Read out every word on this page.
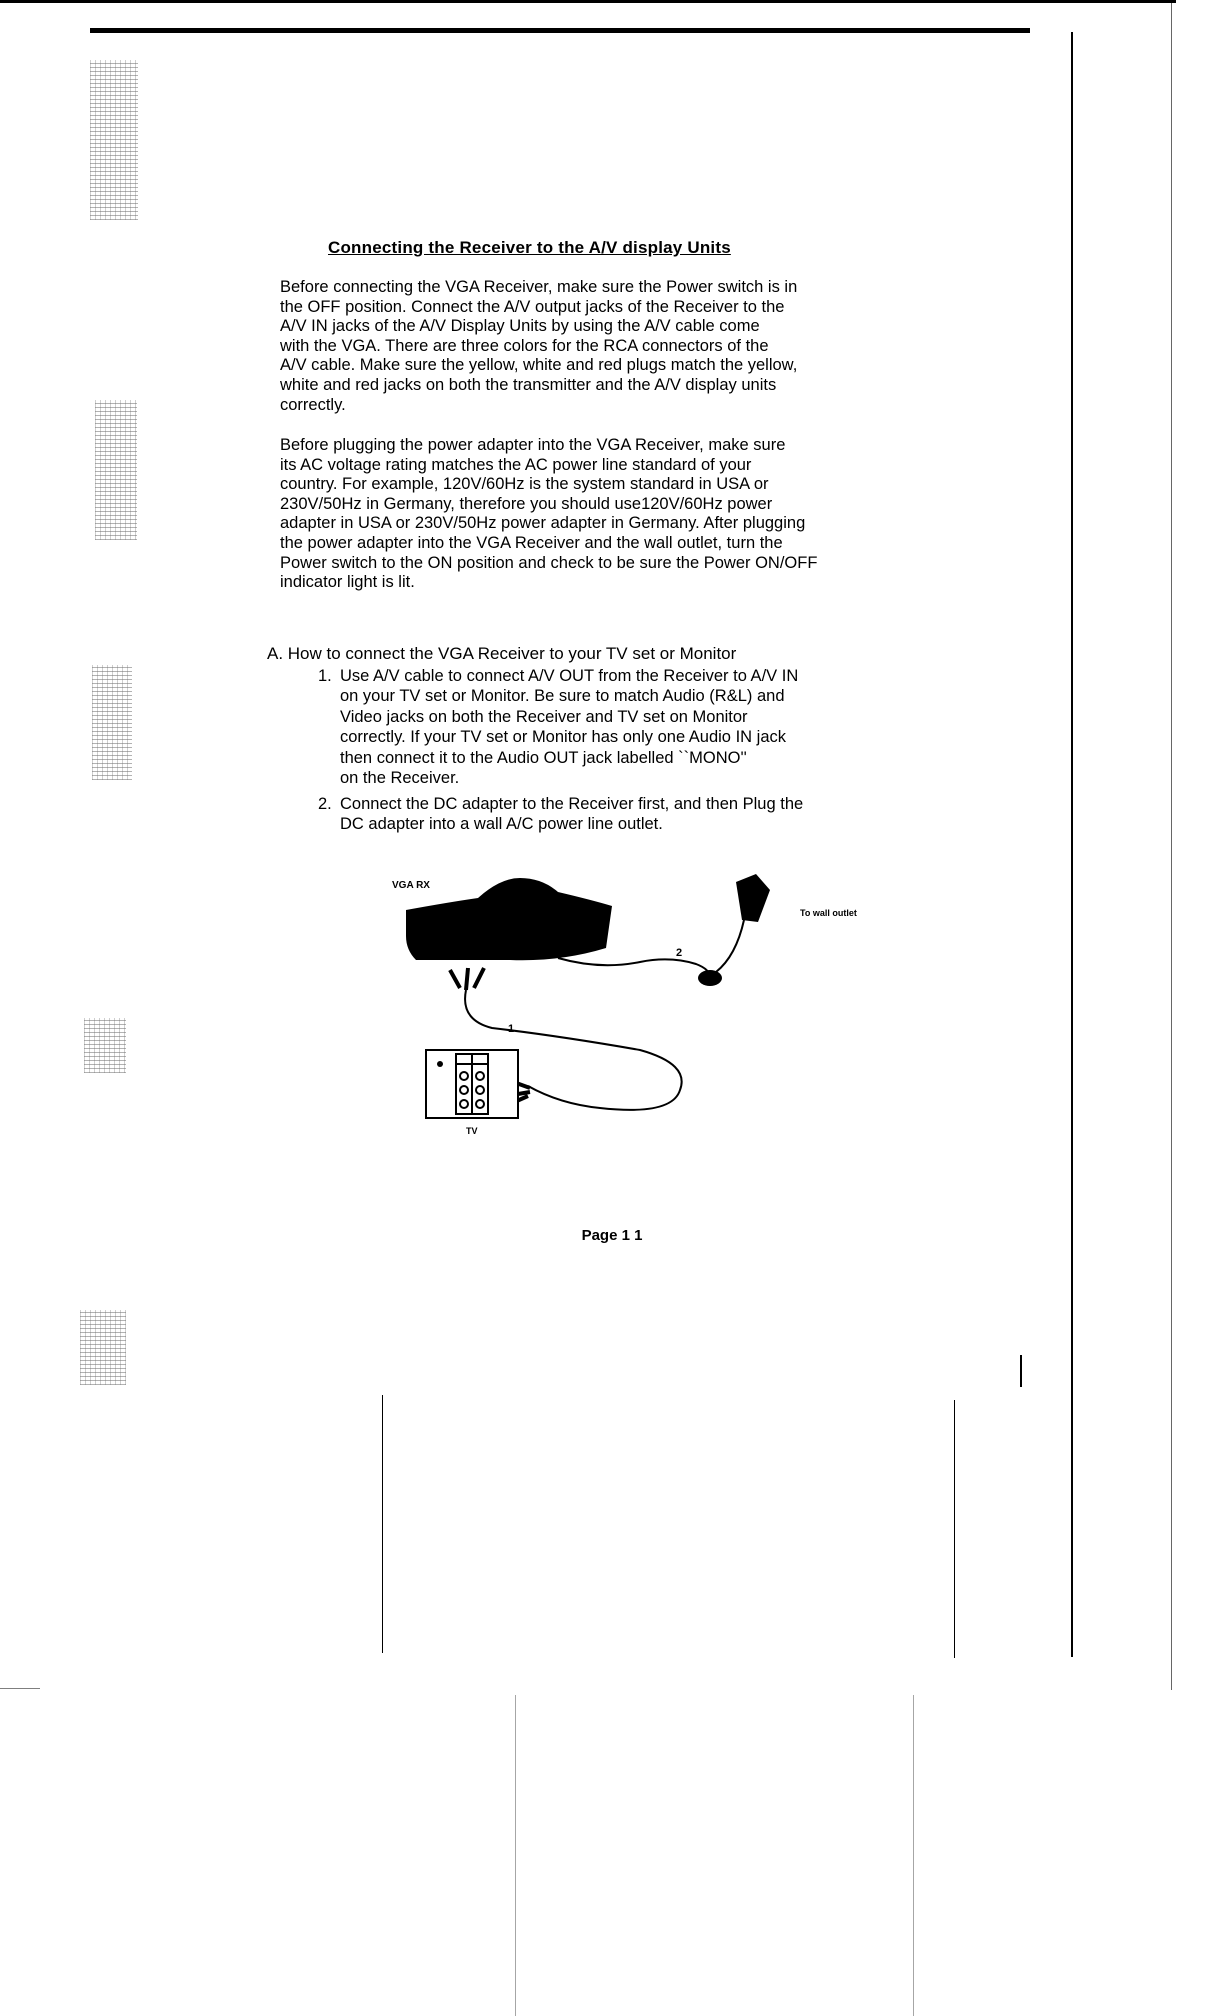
Connecting the Receiver to the A/V display Units

Before connecting the VGA Receiver, make sure the Power switch is in
the OFF position. Connect the A/V output jacks of the Receiver to the
A/V IN jacks of the A/V Display Units by using the A/V cable come
with the VGA. There are three colors for the RCA connectors of the
A/V cable. Make sure the yellow, white and red plugs match the yellow,
white and red jacks on both the transmitter and the A/V display units
correctly.

Before plugging the power adapter into the VGA Receiver, make sure
its AC voltage rating matches the AC power line standard of your
country. For example, 120V/60Hz is the system standard in USA or
230V/50Hz in Germany, therefore you should use120V/60Hz power
adapter in USA or 230V/50Hz power adapter in Germany. After plugging
the power adapter into the VGA Receiver and the wall outlet, turn the
Power switch to the ON position and check to be sure the Power ON/OFF
indicator light is lit.

A. How to connect the VGA Receiver to your TV set or Monitor
1. Use A/V cable to connect A/V OUT from the Receiver to A/V IN
on your TV set or Monitor. Be sure to match Audio (R&L) and
Video jacks on both the Receiver and TV set on Monitor
correctly. If your TV set or Monitor has only one Audio IN jack
then connect it to the Audio OUT jack labelled ``MONO''
on the Receiver.
2. Connect the DC adapter to the Receiver first, and then Plug the
DC adapter into a wall A/C power line outlet.
VGA RX
1
2
To wall outlet
TV
Page 1 1
